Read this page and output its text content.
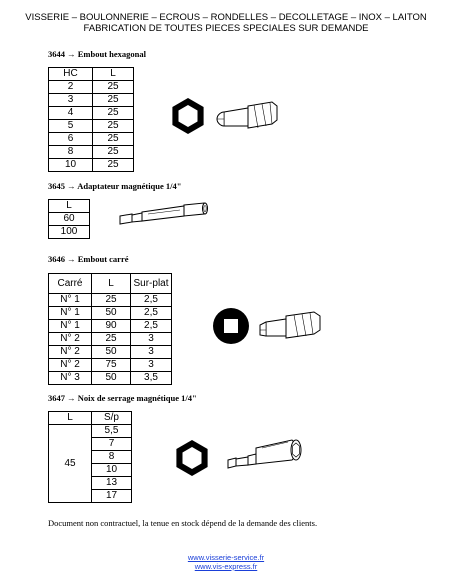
VISSERIE – BOULONNERIE – ECROUS – RONDELLES – DECOLLETAGE – INOX – LAITON
FABRICATION DE TOUTES PIECES SPECIALES SUR DEMANDE
3644 → Embout hexagonal
HC	L
2	25
3	25
4	25
5	25
6	25
8	25
10	25
3645 → Adaptateur magnétique 1/4"
L
60
100
3646 → Embout carré
Carré	L	Sur-plat
N° 1	25	2,5
N° 1	50	2,5
N° 1	90	2,5
N° 2	25	3
N° 2	50	3
N° 2	75	3
N° 3	50	3,5
3647 → Noix de serrage magnétique 1/4"
L	S/p
45	5,5
	7
	8
	10
	13
	17
Document non contractuel, la tenue en stock dépend de la demande des clients.
www.visserie-service.fr
www.vis-express.fr
